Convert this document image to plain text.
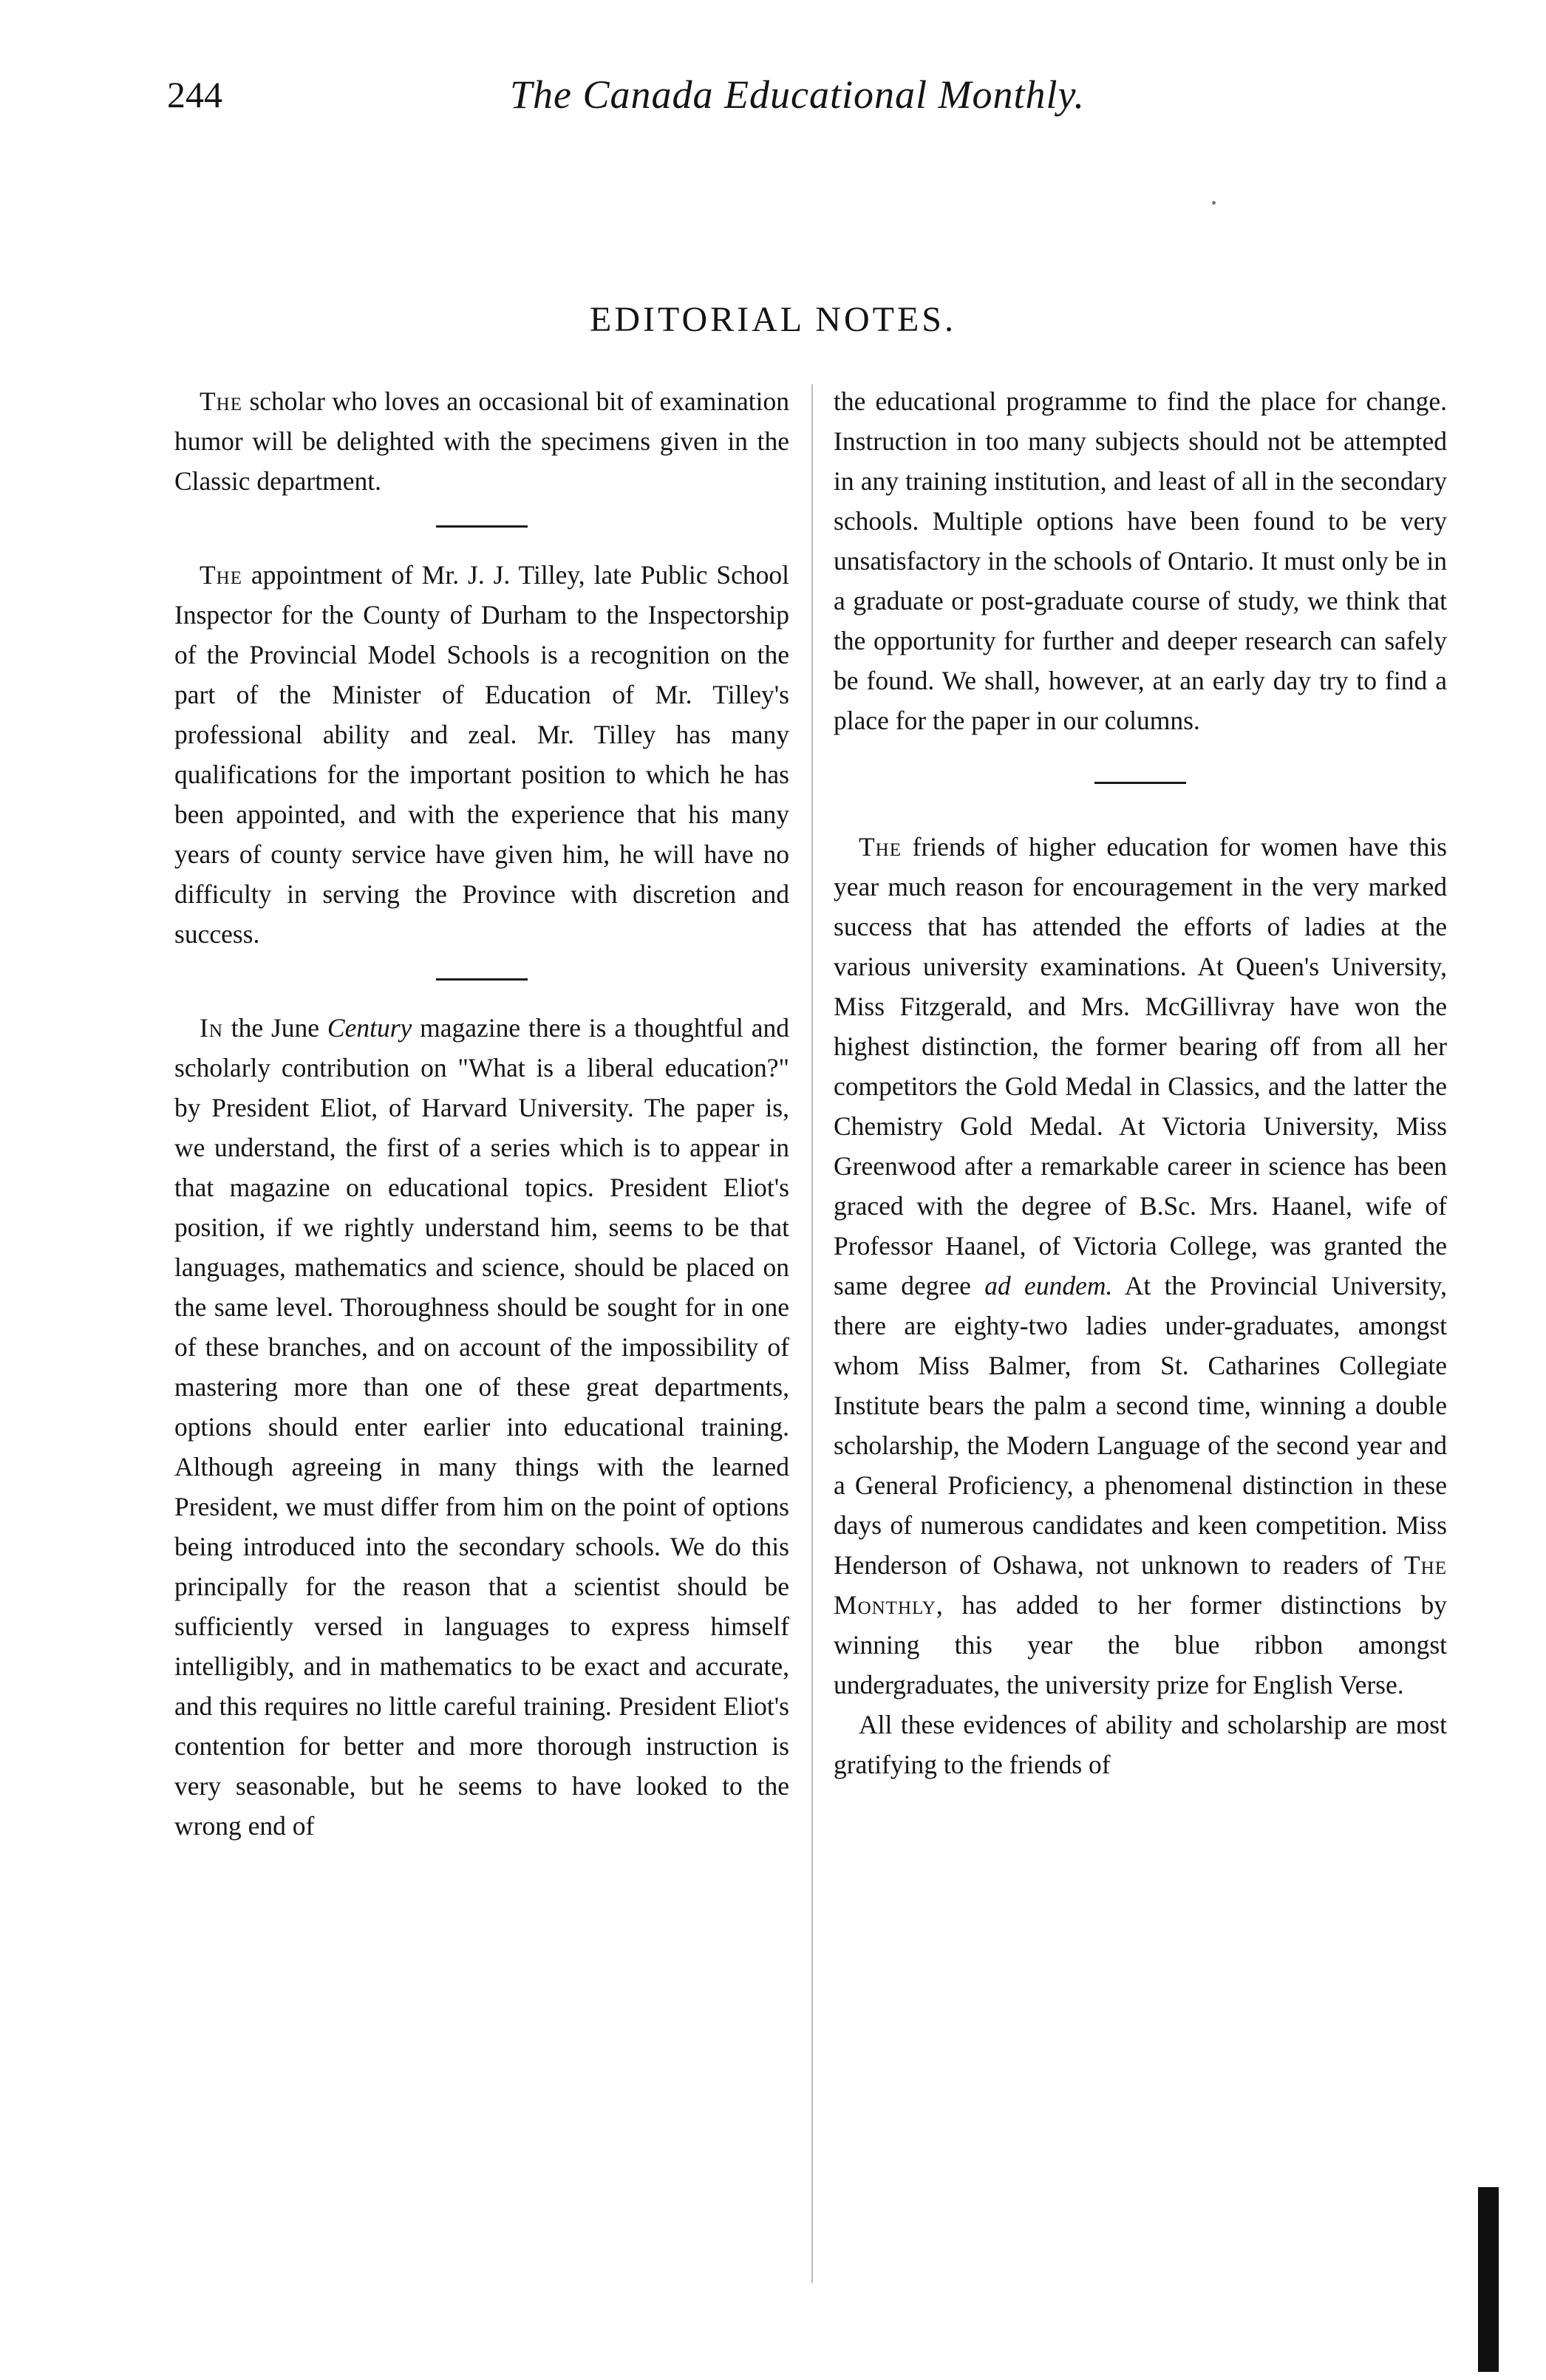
244	The Canada Educational Monthly.
EDITORIAL NOTES.

The scholar who loves an occasional bit of examination humor will be delighted with the specimens given in the Classic department.

The appointment of Mr. J. J. Tilley, late Public School Inspector for the County of Durham to the Inspectorship of the Provincial Model Schools is a recognition on the part of the Minister of Education of Mr. Tilley's professional ability and zeal. Mr. Tilley has many qualifications for the important position to which he has been appointed, and with the experience that his many years of county service have given him, he will have no difficulty in serving the Province with discretion and success.

In the June Century magazine there is a thoughtful and scholarly contribution on "What is a liberal education?" by President Eliot, of Harvard University. The paper is, we understand, the first of a series which is to appear in that magazine on educational topics. President Eliot's position, if we rightly understand him, seems to be that languages, mathematics and science, should be placed on the same level. Thoroughness should be sought for in one of these branches, and on account of the impossibility of mastering more than one of these great departments, options should enter earlier into educational training. Although agreeing in many things with the learned President, we must differ from him on the point of options being introduced into the secondary schools. We do this principally for the reason that a scientist should be sufficiently versed in languages to express himself intelligibly, and in mathematics to be exact and accurate, and this requires no little careful training. President Eliot's contention for better and more thorough instruction is very seasonable, but he seems to have looked to the wrong end of

the educational programme to find the place for change. Instruction in too many subjects should not be attempted in any training institution, and least of all in the secondary schools. Multiple options have been found to be very unsatisfactory in the schools of Ontario. It must only be in a graduate or post-graduate course of study, we think that the opportunity for further and deeper research can safely be found. We shall, however, at an early day try to find a place for the paper in our columns.

The friends of higher education for women have this year much reason for encouragement in the very marked success that has attended the efforts of ladies at the various university examinations. At Queen's University, Miss Fitzgerald, and Mrs. McGillivray have won the highest distinction, the former bearing off from all her competitors the Gold Medal in Classics, and the latter the Chemistry Gold Medal. At Victoria University, Miss Greenwood after a remarkable career in science has been graced with the degree of B.Sc. Mrs. Haanel, wife of Professor Haanel, of Victoria College, was granted the same degree ad eundem. At the Provincial University, there are eighty-two ladies under-graduates, amongst whom Miss Balmer, from St. Catharines Collegiate Institute bears the palm a second time, winning a double scholarship, the Modern Language of the second year and a General Proficiency, a phenomenal distinction in these days of numerous candidates and keen competition. Miss Henderson of Oshawa, not unknown to readers of The Monthly, has added to her former distinctions by winning this year the blue ribbon amongst undergraduates, the university prize for English Verse.

All these evidences of ability and scholarship are most gratifying to the friends of
